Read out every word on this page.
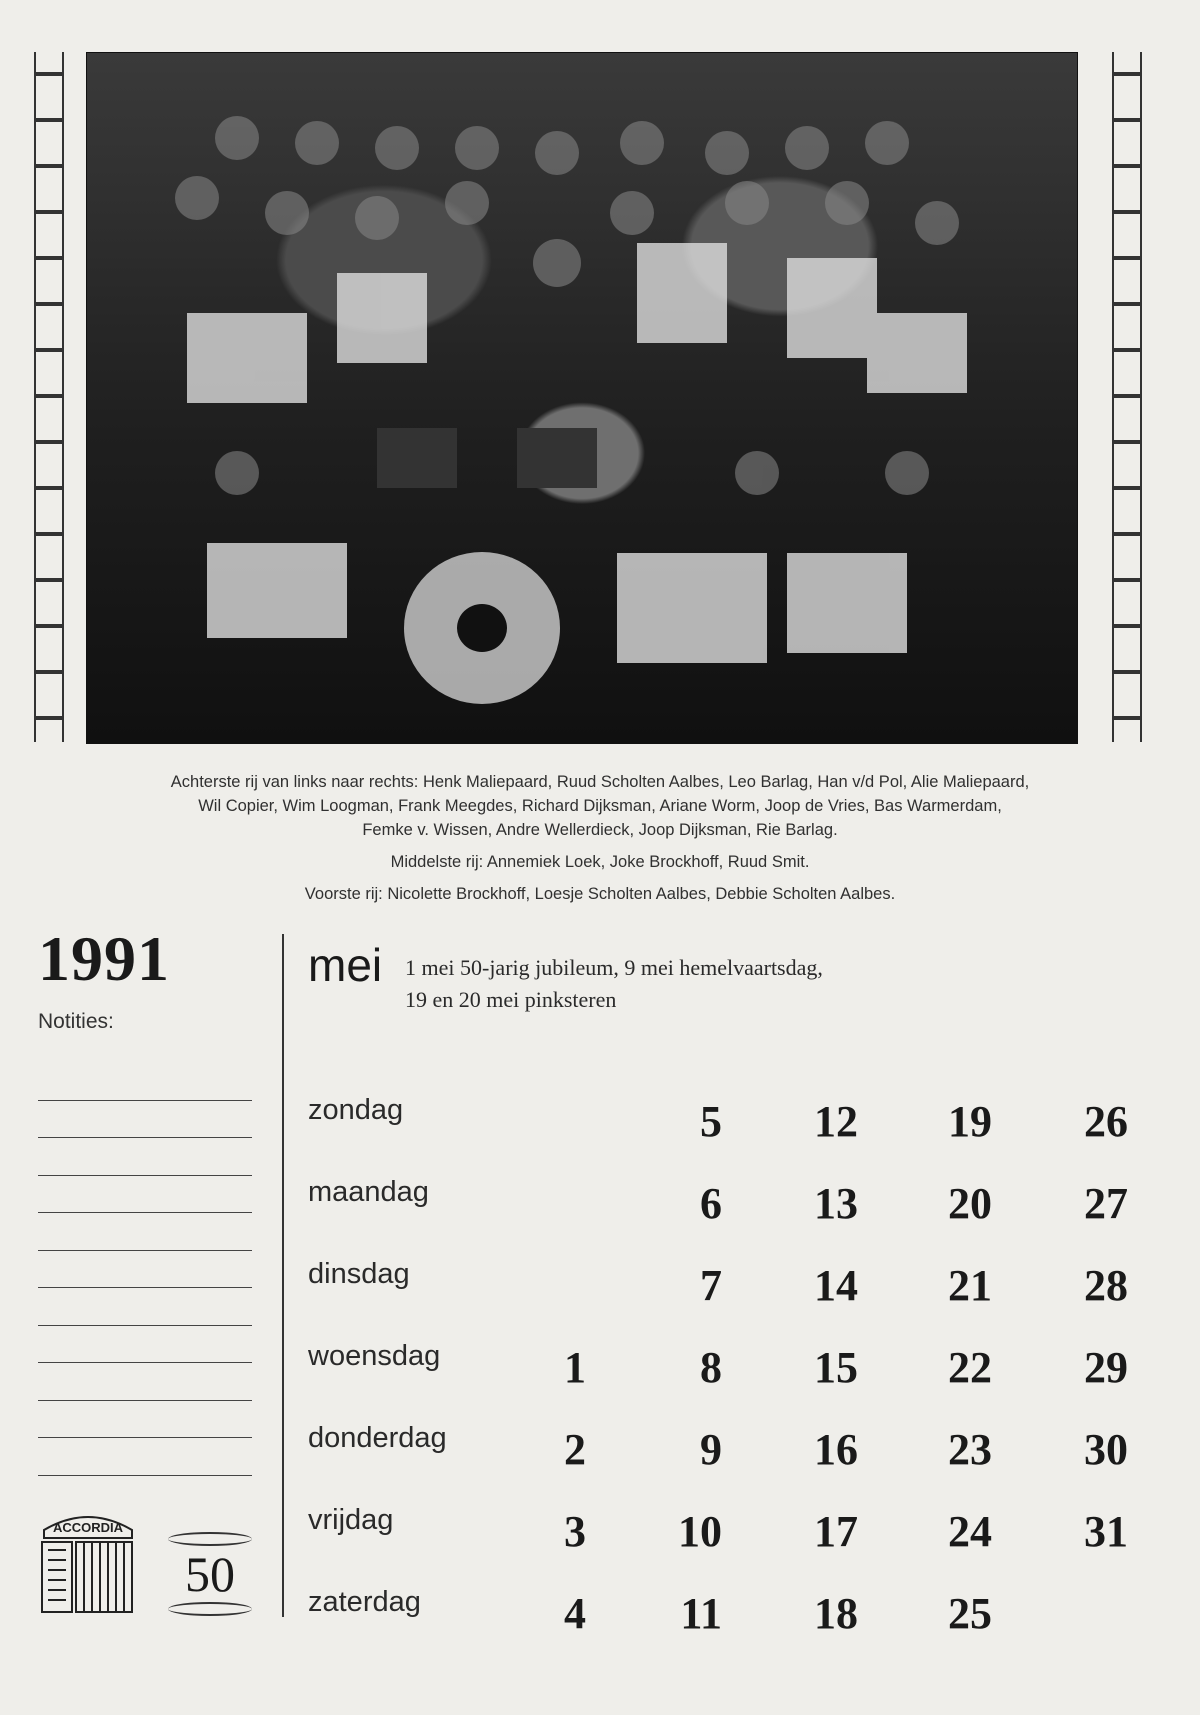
Achterste rij van links naar rechts: Henk Maliepaard, Ruud Scholten Aalbes, Leo Barlag, Han v/d Pol, Alie Maliepaard,
Wil Copier, Wim Loogman, Frank Meegdes, Richard Dijksman, Ariane Worm, Joop de Vries, Bas Warmerdam,
Femke v. Wissen, Andre Wellerdieck, Joop Dijksman, Rie Barlag.

Middelste rij: Annemiek Loek, Joke Brockhoff, Ruud Smit.

Voorste rij: Nicolette Brockhoff, Loesje Scholten Aalbes, Debbie Scholten Aalbes.

1991
Notities:
ACCORDIA
50
mei 1 mei 50-jarig jubileum, 9 mei hemelvaartsdag,
19 en 20 mei pinksteren
zondag
maandag
dinsdag
woensdag
donderdag
vrijdag
zaterdag
1
2
3
4
5
6
7
8
9
10
11
12
13
14
15
16
17
18
19
20
21
22
23
24
25
26
27
28
29
30
31
